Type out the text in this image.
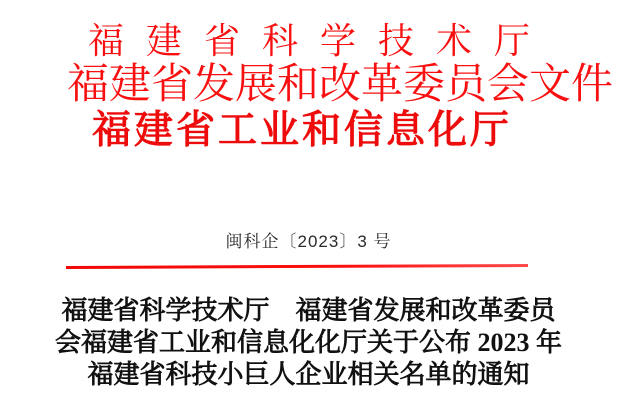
福建省科学技术厅
福建省发展和改革委员会文件
福建省工业和信息化厅
闽科企〔2023〕3 号
福建省科学技术厅　福建省发展和改革委员
会福建省工业和信息化化厅关于公布 2023 年
福建省科技小巨人企业相关名单的通知
